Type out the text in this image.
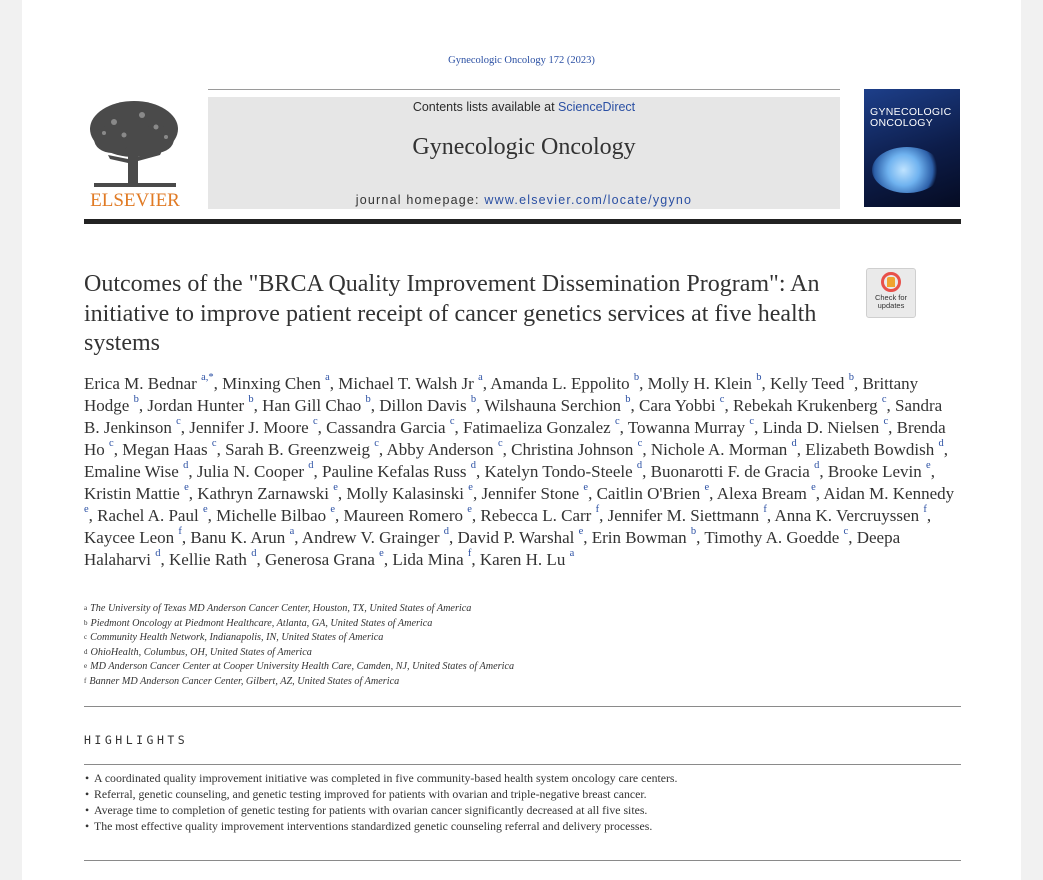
Gynecologic Oncology 172 (2023)
ELSEVIER
Contents lists available at ScienceDirect
Gynecologic Oncology
journal homepage: www.elsevier.com/locate/ygyno
GYNECOLOGIC
ONCOLOGY
Outcomes of the "BRCA Quality Improvement Dissemination Program": An initiative to improve patient receipt of cancer genetics services at five health systems
Check for
updates
Erica M. Bednar $^{a,*}$, Minxing Chen $^a$, Michael T. Walsh Jr $^a$, Amanda L. Eppolito $^b$, Molly H. Klein $^b$, Kelly Teed $^b$, Brittany Hodge $^b$, Jordan Hunter $^b$, Han Gill Chao $^b$, Dillon Davis $^b$, Wilshauna Serchion $^b$, Cara Yobbi $^c$, Rebekah Krukenberg $^c$, Sandra B. Jenkinson $^c$, Jennifer J. Moore $^c$, Cassandra Garcia $^c$, Fatimaeliza Gonzalez $^c$, Towanna Murray $^c$, Linda D. Nielsen $^c$, Brenda Ho $^c$, Megan Haas $^c$, Sarah B. Greenzweig $^c$, Abby Anderson $^c$, Christina Johnson $^c$, Nichole A. Morman $^d$, Elizabeth Bowdish $^d$, Emaline Wise $^d$, Julia N. Cooper $^d$, Pauline Kefalas Russ $^d$, Katelyn Tondo-Steele $^d$, Buonarotti F. de Gracia $^d$, Brooke Levin $^e$, Kristin Mattie $^e$, Kathryn Zarnawski $^e$, Molly Kalasinski $^e$, Jennifer Stone $^e$, Caitlin O'Brien $^e$, Alexa Bream $^e$, Aidan M. Kennedy $^e$, Rachel A. Paul $^e$, Michelle Bilbao $^e$, Maureen Romero $^e$, Rebecca L. Carr $^f$, Jennifer M. Siettmann $^f$, Anna K. Vercruyssen $^f$, Kaycee Leon $^f$, Banu K. Arun $^a$, Andrew V. Grainger $^d$, David P. Warshal $^e$, Erin Bowman $^b$, Timothy A. Goedde $^c$, Deepa Halaharvi $^d$, Kellie Rath $^d$, Generosa Grana $^e$, Lida Mina $^f$, Karen H. Lu $^a$
$^a$ The University of Texas MD Anderson Cancer Center, Houston, TX, United States of America
$^b$ Piedmont Oncology at Piedmont Healthcare, Atlanta, GA, United States of America
$^c$ Community Health Network, Indianapolis, IN, United States of America
$^d$ OhioHealth, Columbus, OH, United States of America
$^e$ MD Anderson Cancer Center at Cooper University Health Care, Camden, NJ, United States of America
$^f$ Banner MD Anderson Cancer Center, Gilbert, AZ, United States of America
HIGHLIGHTS
• A coordinated quality improvement initiative was completed in five community-based health system oncology care centers.
• Referral, genetic counseling, and genetic testing improved for patients with ovarian and triple-negative breast cancer.
• Average time to completion of genetic testing for patients with ovarian cancer significantly decreased at all five sites.
• The most effective quality improvement interventions standardized genetic counseling referral and delivery processes.
